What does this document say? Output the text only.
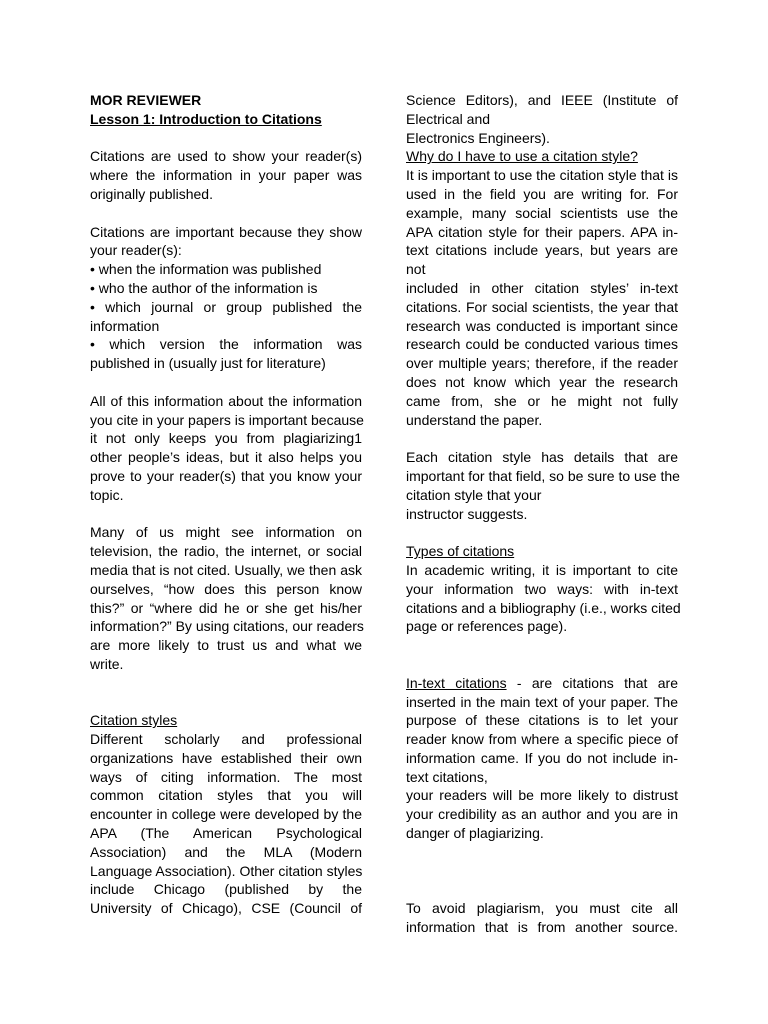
MOR REVIEWER
Lesson 1: Introduction to Citations
Citations are used to show your reader(s)
where the information in your paper was
originally published.
Citations are important because they show
your reader(s):
• when the information was published
• who the author of the information is
• which journal or group published the
information
• which version the information was
published in (usually just for literature)
All of this information about the information
you cite in your papers is important because
it not only keeps you from plagiarizing1
other people’s ideas, but it also helps you
prove to your reader(s) that you know your
topic.
Many of us might see information on
television, the radio, the internet, or social
media that is not cited. Usually, we then ask
ourselves, “how does this person know
this?” or “where did he or she get his/her
information?” By using citations, our readers
are more likely to trust us and what we
write.
Citation styles
Different scholarly and professional
organizations have established their own
ways of citing information. The most
common citation styles that you will
encounter in college were developed by the
APA (The American Psychological
Association) and the MLA (Modern
Language Association). Other citation styles
include Chicago (published by the
University of Chicago), CSE (Council of
Science Editors), and IEEE (Institute of
Electrical and
Electronics Engineers).
Why do I have to use a citation style?
It is important to use the citation style that is
used in the field you are writing for. For
example, many social scientists use the
APA citation style for their papers. APA in-
text citations include years, but years are
not
included in other citation styles’ in-text
citations. For social scientists, the year that
research was conducted is important since
research could be conducted various times
over multiple years; therefore, if the reader
does not know which year the research
came from, she or he might not fully
understand the paper.
Each citation style has details that are
important for that field, so be sure to use the
citation style that your
instructor suggests.
Types of citations
In academic writing, it is important to cite
your information two ways: with in-text
citations and a bibliography (i.e., works cited
page or references page).
In-text citations - are citations that are
inserted in the main text of your paper. The
purpose of these citations is to let your
reader know from where a specific piece of
information came. If you do not include in-
text citations,
your readers will be more likely to distrust
your credibility as an author and you are in
danger of plagiarizing.
To avoid plagiarism, you must cite all
information that is from another source.
